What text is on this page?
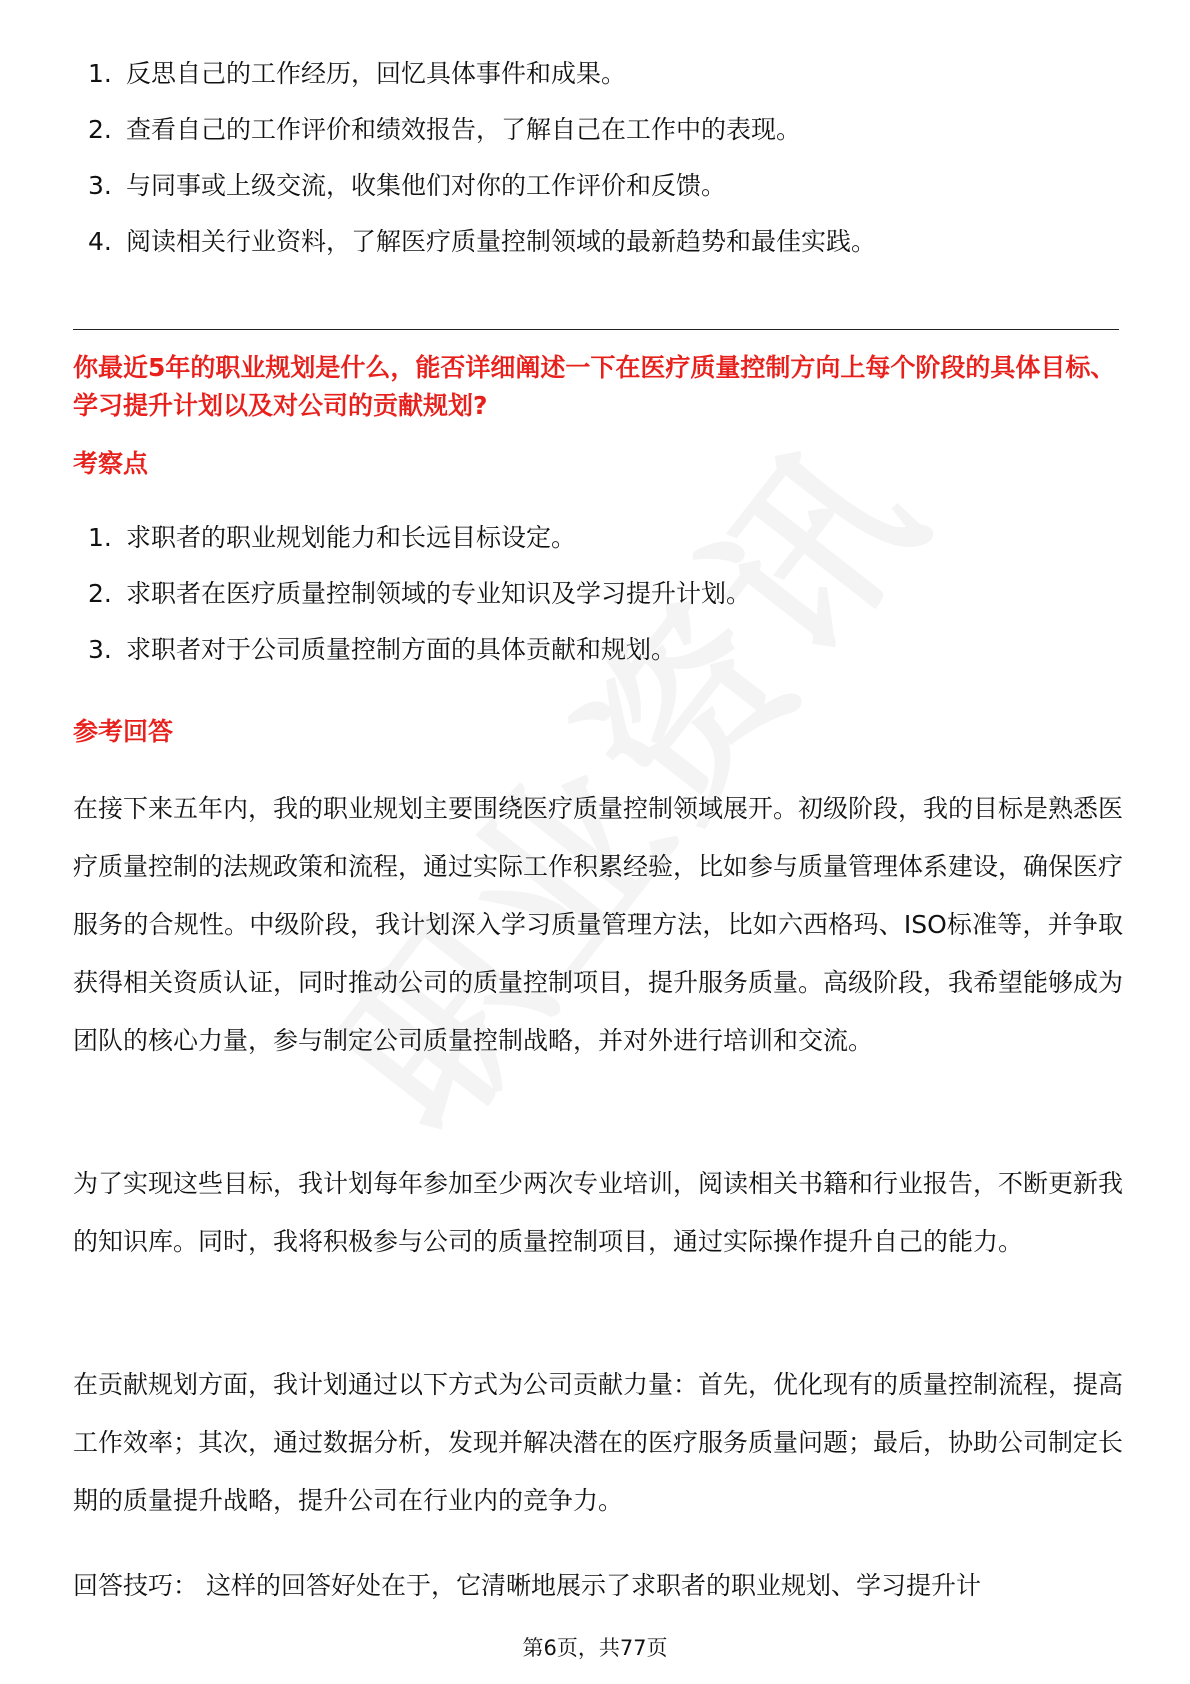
1. 反思自己的工作经历，回忆具体事件和成果。
2. 查看自己的工作评价和绩效报告，了解自己在工作中的表现。
3. 与同事或上级交流，收集他们对你的工作评价和反馈。
4. 阅读相关行业资料，了解医疗质量控制领域的最新趋势和最佳实践。
你最近5年的职业规划是什么，能否详细阐述一下在医疗质量控制方向上每个阶段的具体目标、学习提升计划以及对公司的贡献规划?
考察点
1. 求职者的职业规划能力和长远目标设定。
2. 求职者在医疗质量控制领域的专业知识及学习提升计划。
3. 求职者对于公司质量控制方面的具体贡献和规划。
参考回答

在接下来五年内，我的职业规划主要围绕医疗质量控制领域展开。初级阶段，我的目标是熟悉医疗质量控制的法规政策和流程，通过实际工作积累经验，比如参与质量管理体系建设，确保医疗服务的合规性。中级阶段，我计划深入学习质量管理方法，比如六西格玛、ISO标准等，并争取获得相关资质认证，同时推动公司的质量控制项目，提升服务质量。高级阶段，我希望能够成为团队的核心力量，参与制定公司质量控制战略，并对外进行培训和交流。

为了实现这些目标，我计划每年参加至少两次专业培训，阅读相关书籍和行业报告，不断更新我的知识库。同时，我将积极参与公司的质量控制项目，通过实际操作提升自己的能力。

在贡献规划方面，我计划通过以下方式为公司贡献力量：首先，优化现有的质量控制流程，提高工作效率；其次，通过数据分析，发现并解决潜在的医疗服务质量问题；最后，协助公司制定长期的质量提升战略，提升公司在行业内的竞争力。

回答技巧： 这样的回答好处在于，它清晰地展示了求职者的职业规划、学习提升计

第6页，共77页
